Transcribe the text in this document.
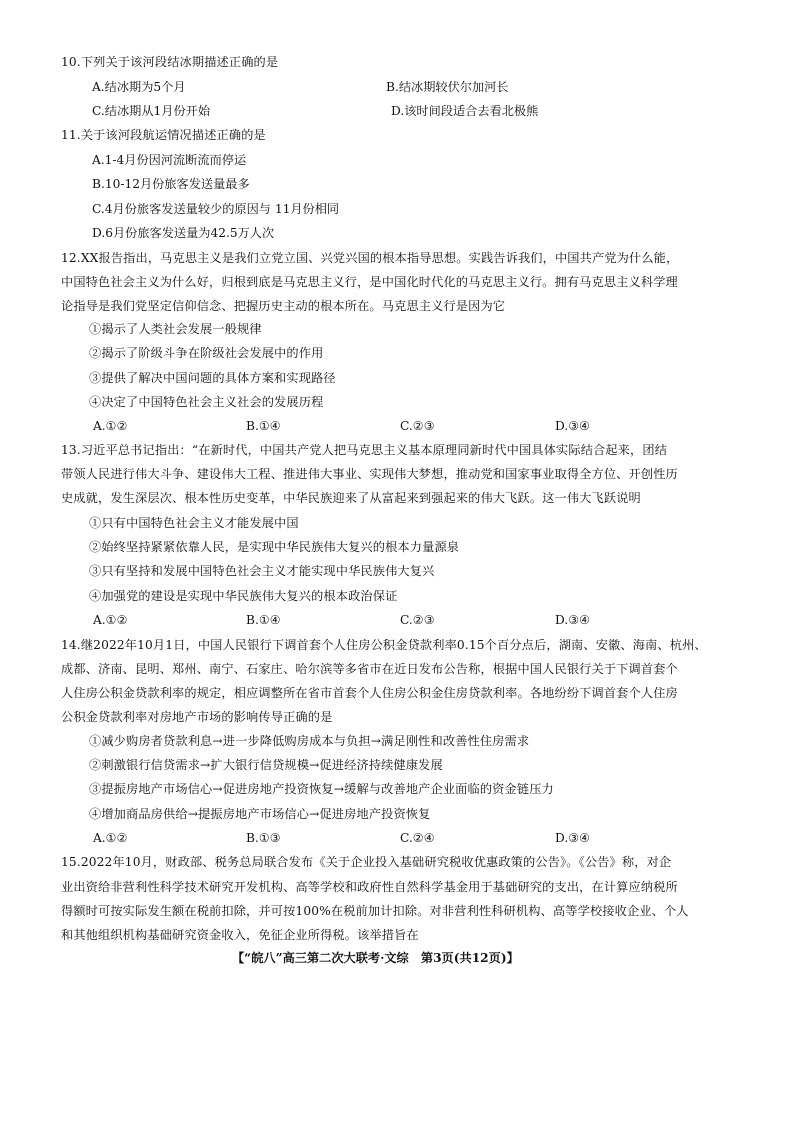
10.下列关于该河段结冰期描述正确的是
A.结冰期为5个月	B.结冰期较伏尔加河长
C.结冰期从1月份开始	D.该时间段适合去看北极熊
11.关于该河段航运情况描述正确的是
A.1-4月份因河流断流而停运
B.10-12月份旅客发送量最多
C.4月份旅客发送量较少的原因与 11月份相同
D.6月份旅客发送量为42.5万人次
12.XX报告指出，马克思主义是我们立党立国、兴党兴国的根本指导思想。实践告诉我们，中国共产党为什么能，
中国特色社会主义为什么好，归根到底是马克思主义行，是中国化时代化的马克思主义行。拥有马克思主义科学理
论指导是我们党坚定信仰信念、把握历史主动的根本所在。马克思主义行是因为它
①揭示了人类社会发展一般规律
②揭示了阶级斗争在阶级社会发展中的作用
③提供了解决中国问题的具体方案和实现路径
④决定了中国特色社会主义社会的发展历程
A.①②	B.①④	C.②③	D.③④
13.习近平总书记指出：“在新时代，中国共产党人把马克思主义基本原理同新时代中国具体实际结合起来，团结
带领人民进行伟大斗争、建设伟大工程、推进伟大事业、实现伟大梦想，推动党和国家事业取得全方位、开创性历
史成就，发生深层次、根本性历史变革，中华民族迎来了从富起来到强起来的伟大飞跃。这一伟大飞跃说明
①只有中国特色社会主义才能发展中国
②始终坚持紧紧依靠人民，是实现中华民族伟大复兴的根本力量源泉
③只有坚持和发展中国特色社会主义才能实现中华民族伟大复兴
④加强党的建设是实现中华民族伟大复兴的根本政治保证
A.①②	B.①④	C.②③	D.③④
14.继2022年10月1日，中国人民银行下调首套个人住房公积金贷款利率0.15个百分点后，湖南、安徽、海南、杭州、
成都、济南、昆明、郑州、南宁、石家庄、哈尔滨等多省市在近日发布公告称，根据中国人民银行关于下调首套个
人住房公积金贷款利率的规定，相应调整所在省市首套个人住房公积金住房贷款利率。各地纷纷下调首套个人住房
公积金贷款利率对房地产市场的影响传导正确的是
①减少购房者贷款利息→进一步降低购房成本与负担→满足刚性和改善性住房需求
②刺激银行信贷需求→扩大银行信贷规模→促进经济持续健康发展
③提振房地产市场信心→促进房地产投资恢复→缓解与改善地产企业面临的资金链压力
④增加商品房供给→提振房地产市场信心→促进房地产投资恢复
A.①②	B.①③	C.②④	D.③④
15.2022年10月，财政部、税务总局联合发布《关于企业投入基础研究税收优惠政策的公告》。《公告》称，对企
业出资给非营利性科学技术研究开发机构、高等学校和政府性自然科学基金用于基础研究的支出，在计算应纳税所
得额时可按实际发生额在税前扣除，并可按100%在税前加计扣除。对非营利性科研机构、高等学校接收企业、个人
和其他组织机构基础研究资金收入，免征企业所得税。该举措旨在
【“皖八”高三第二次大联考·文综　第3页(共12页)】
